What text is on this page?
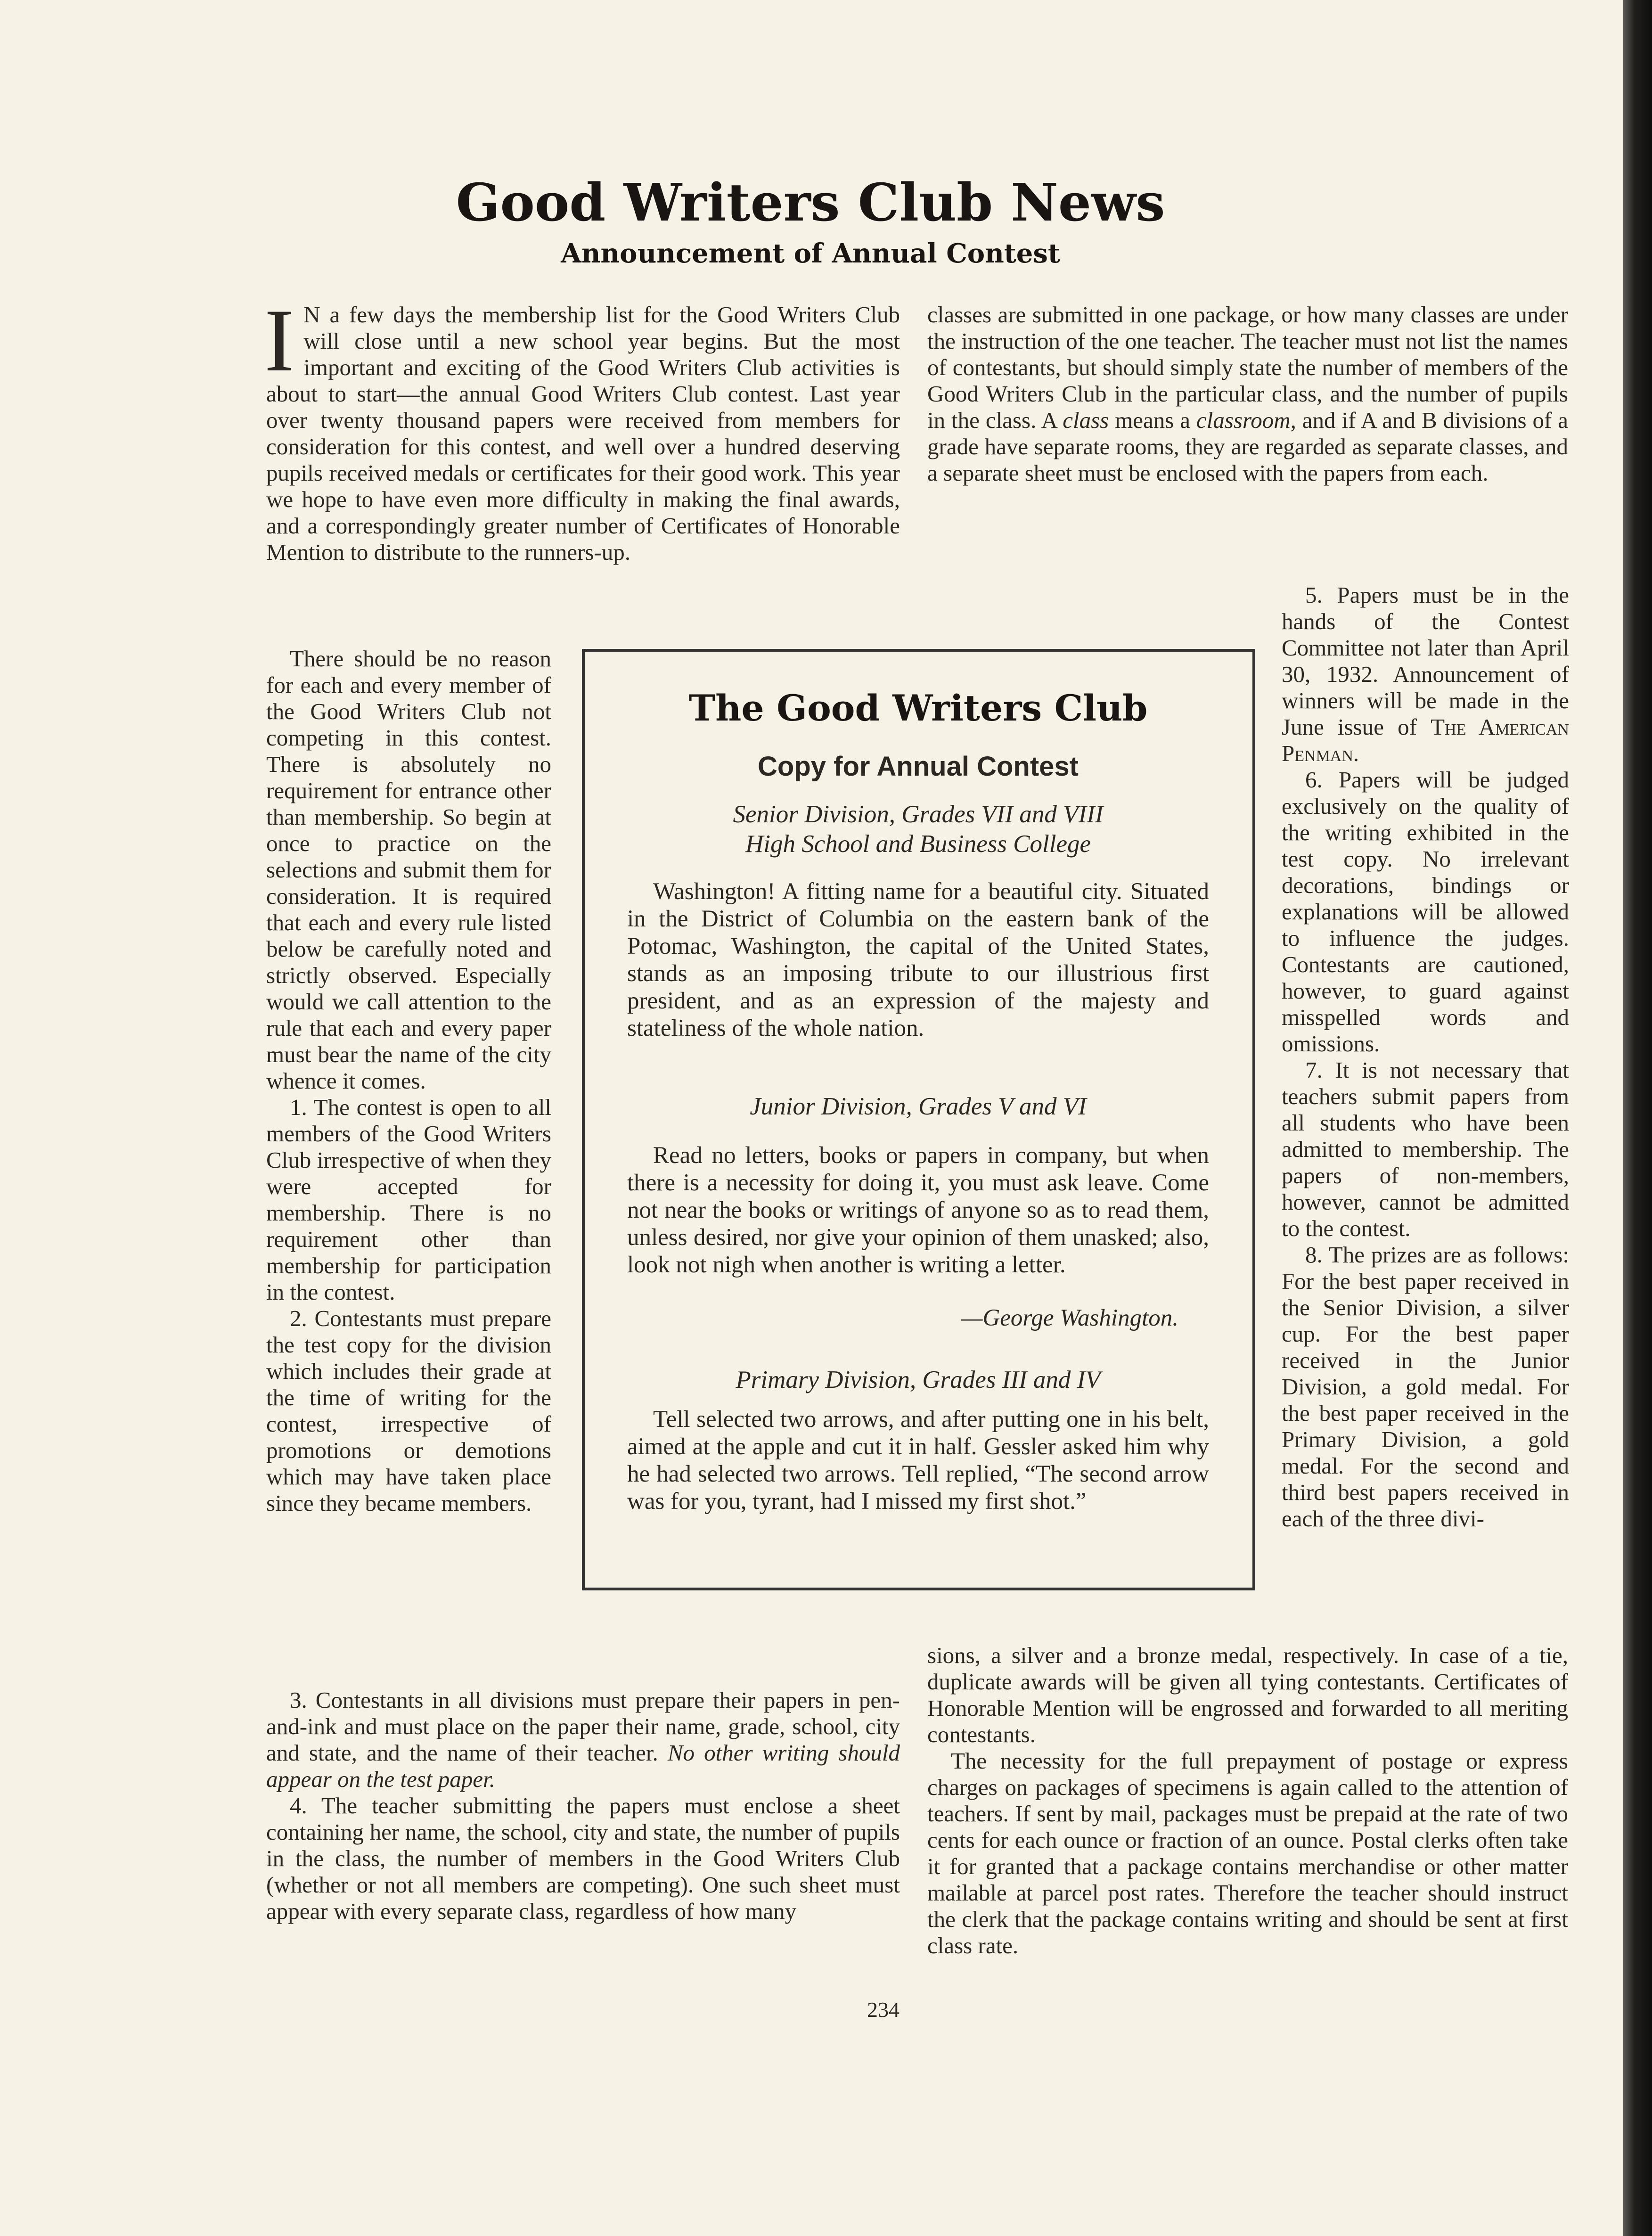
Good Writers Club News
Announcement of Annual Contest

I N a few days the membership list for the Good Writers Club will close until a new school year begins. But the most important and exciting of the Good Writers Club activities is about to start—the annual Good Writers Club contest. Last year over twenty thousand papers were received from members for consideration for this contest, and well over a hundred deserving pupils received medals or certificates for their good work. This year we hope to have even more difficulty in making the final awards, and a correspondingly greater number of Certificates of Honorable Mention to distribute to the runners-up.

There should be no reason for each and every member of the Good Writers Club not competing in this contest. There is absolutely no requirement for entrance other than membership. So begin at once to practice on the selections and submit them for consideration. It is required that each and every rule listed below be carefully noted and strictly observed. Especially would we call attention to the rule that each and every paper must bear the name of the city whence it comes.

1. The contest is open to all members of the Good Writers Club irrespective of when they were accepted for membership. There is no requirement other than membership for participation in the contest.

2. Contestants must prepare the test copy for the division which includes their grade at the time of writing for the contest, irrespective of promotions or demotions which may have taken place since they became members.

3. Contestants in all divisions must prepare their papers in pen-and-ink and must place on the paper their name, grade, school, city and state, and the name of their teacher. No other writing should appear on the test paper.

4. The teacher submitting the papers must enclose a sheet containing her name, the school, city and state, the number of pupils in the class, the number of members in the Good Writers Club (whether or not all members are competing). One such sheet must appear with every separate class, regardless of how many

classes are submitted in one package, or how many classes are under the instruction of the one teacher. The teacher must not list the names of contestants, but should simply state the number of members of the Good Writers Club in the particular class, and the number of pupils in the class. A class means a classroom, and if A and B divisions of a grade have separate rooms, they are regarded as separate classes, and a separate sheet must be enclosed with the papers from each.

5. Papers must be in the hands of the Contest Committee not later than April 30, 1932. Announcement of winners will be made in the June issue of The American Penman.

6. Papers will be judged exclusively on the quality of the writing exhibited in the test copy. No irrelevant decorations, bindings or explanations will be allowed to influence the judges. Contestants are cautioned, however, to guard against misspelled words and omissions.

7. It is not necessary that teachers submit papers from all students who have been admitted to membership. The papers of non-members, however, cannot be admitted to the contest.

8. The prizes are as follows: For the best paper received in the Senior Division, a silver cup. For the best paper received in the Junior Division, a gold medal. For the best paper received in the Primary Division, a gold medal. For the second and third best papers received in each of the three divi-

sions, a silver and a bronze medal, respectively. In case of a tie, duplicate awards will be given all tying contestants. Certificates of Honorable Mention will be engrossed and forwarded to all meriting contestants.

The necessity for the full prepayment of postage or express charges on packages of specimens is again called to the attention of teachers. If sent by mail, packages must be prepaid at the rate of two cents for each ounce or fraction of an ounce. Postal clerks often take it for granted that a package contains merchandise or other matter mailable at parcel post rates. Therefore the teacher should instruct the clerk that the package contains writing and should be sent at first class rate.

The Good Writers Club
Copy for Annual Contest
Senior Division, Grades VII and VIII
High School and Business College
Washington! A fitting name for a beautiful city. Situated in the District of Columbia on the eastern bank of the Potomac, Washington, the capital of the United States, stands as an imposing tribute to our illustrious first president, and as an expression of the majesty and stateliness of the whole nation.
Junior Division, Grades V and VI
Read no letters, books or papers in company, but when there is a necessity for doing it, you must ask leave. Come not near the books or writings of anyone so as to read them, unless desired, nor give your opinion of them unasked; also, look not nigh when another is writing a letter.
—George Washington.
Primary Division, Grades III and IV
Tell selected two arrows, and after putting one in his belt, aimed at the apple and cut it in half. Gessler asked him why he had selected two arrows. Tell replied, “The second arrow was for you, tyrant, had I missed my first shot.”
234
